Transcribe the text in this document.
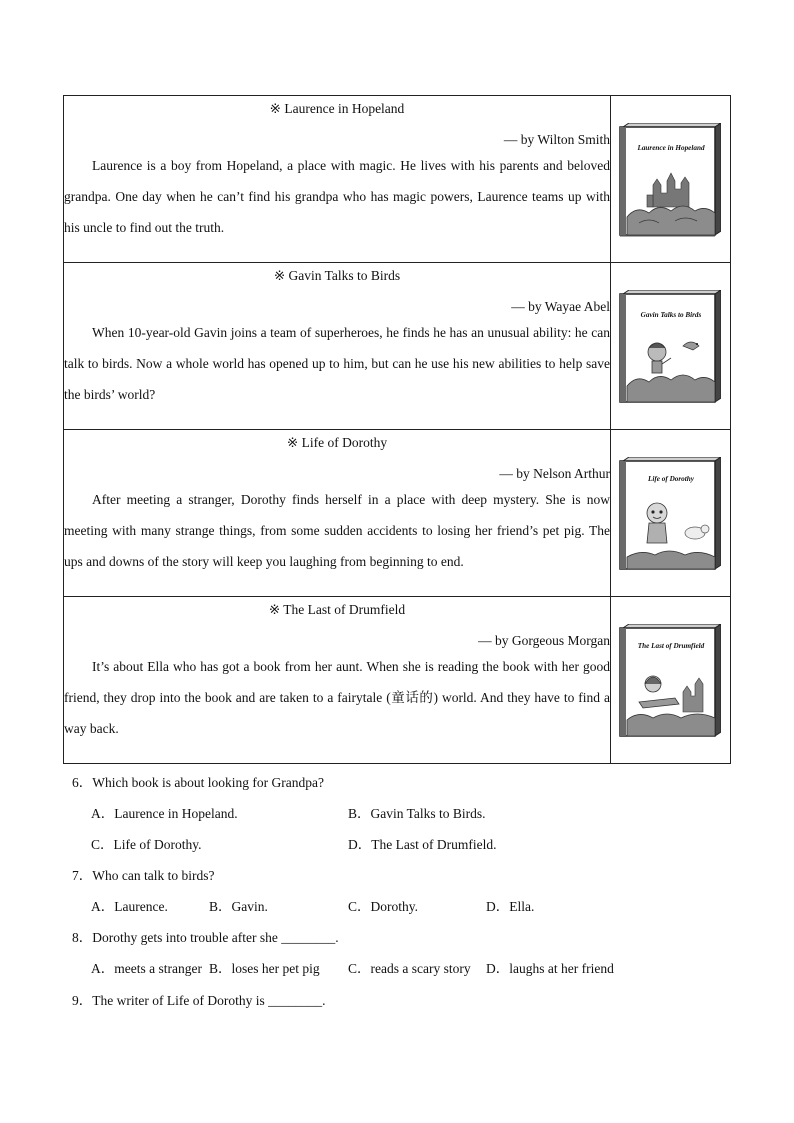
※ Laurence in Hopeland
— by Wilton Smith
Laurence is a boy from Hopeland, a place with magic. He lives with his parents and beloved grandpa. One day when he can’t find his grandpa who has magic powers, Laurence teams up with his uncle to find out the truth.	Laurence in Hopeland

※ Gavin Talks to Birds
— by Wayae Abel
When 10-year-old Gavin joins a team of superheroes, he finds he has an unusual ability: he can talk to birds. Now a whole world has opened up to him, but can he use his new abilities to help save the birds’ world?	Gavin Talks to Birds

※ Life of Dorothy
— by Nelson Arthur
After meeting a stranger, Dorothy finds herself in a place with deep mystery. She is now meeting with many strange things, from some sudden accidents to losing her friend’s pet pig. The ups and downs of the story will keep you laughing from beginning to end.	Life of Dorothy

※ The Last of Drumfield
— by Gorgeous Morgan
It’s about Ella who has got a book from her aunt. When she is reading the book with her good friend, they drop into the book and are taken to a fairytale (童话的) world. And they have to find a way back.	The Last of Drumfield
6．Which book is about looking for Grandpa?
A．Laurence in Hopeland.	B．Gavin Talks to Birds.
C．Life of Dorothy.	D．The Last of Drumfield.
7．Who can talk to birds?
A．Laurence.	B．Gavin.	C．Dorothy.	D．Ella.
8．Dorothy gets into trouble after she ________.
A．meets a stranger B．loses her pet pig C．reads a scary story D．laughs at her friend
9．The writer of Life of Dorothy is ________.
